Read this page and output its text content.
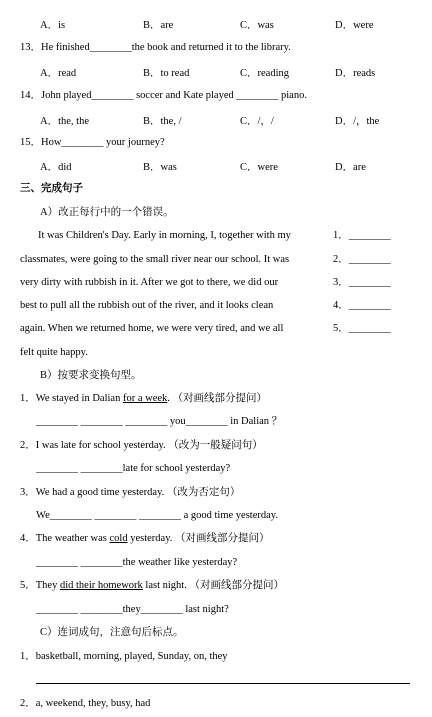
A．is	B．are	C．was	D．were
13．He finished________the book and returned it to the library.
A．read	B．to read	C．reading	D．reads
14．John played________ soccer and Kate played ________ piano.
A．the, the	B．the, /	C．/，/	D．/，the
15．How________ your journey?
A．did	B．was	C．were	D．are
三、完成句子
A）改正每行中的一个错误。
It was Children's Day. Early in morning, I, together with my
classmates, were going to the small river near our school. It was
very dirty with rubbish in it. After we got to there, we did our
best to pull all the rubbish out of the river, and it looks clean
again. When we returned home, we were very tired, and we all
felt quite happy.
1．________
2．________
3．________
4．________
5．________
B）按要求变换句型。
1．We stayed in Dalian for a week. （对画线部分提问）
________ ________ ________ you________ in Dalian ？
2．I was late for school yesterday. （改为一般疑问句）
________ ________late for school yesterday?
3．We had a good time yesterday. （改为否定句）
We________ ________ ________ a good time yesterday.
4．The weather was cold yesterday. （对画线部分提问）
________ ________the weather like yesterday?
5．They did their homework last night. （对画线部分提问）
________ ________they________ last night?
C）连词成句，注意句后标点。
1．basketball, morning, played, Sunday, on, they
2．a, weekend, they, busy, had
